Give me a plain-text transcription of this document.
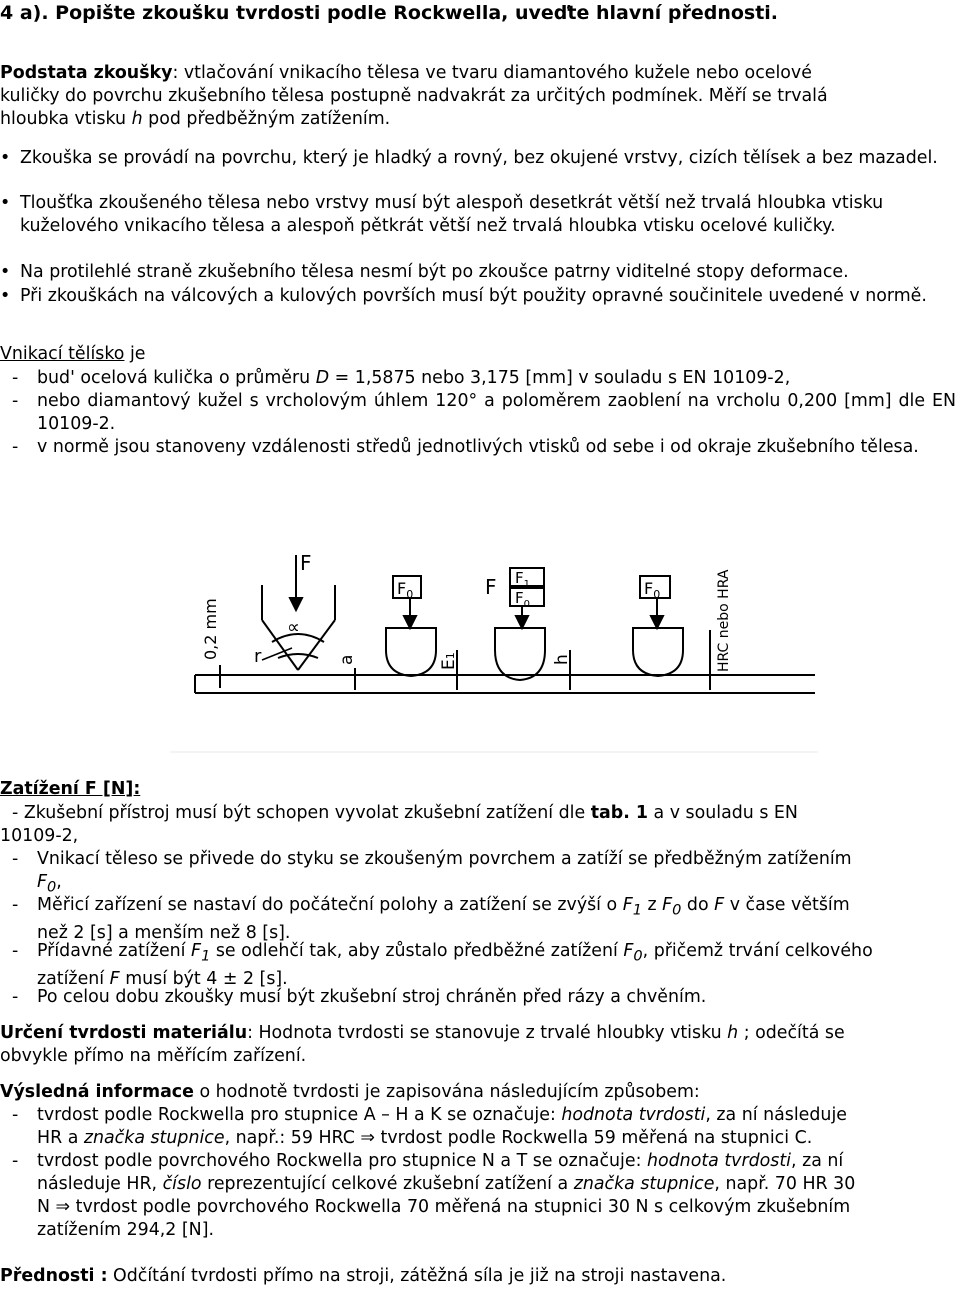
4 a). Popište zkoušku tvrdosti podle Rockwella, uveďte hlavní přednosti.
Podstata zkoušky: vtlačování vnikacího tělesa ve tvaru diamantového kužele nebo ocelové
kuličky do povrchu zkušebního tělesa postupně nadvakrát za určitých podmínek. Měří se trvalá
hloubka vtisku h pod předběžným zatížením.
• Zkouška se provádí na povrchu, který je hladký a rovný, bez okujené vrstvy, cizích tělísek a bez mazadel.
• Tloušťka zkoušeného tělesa nebo vrstvy musí být alespoň desetkrát větší než trvalá hloubka vtisku
kuželového vnikacího tělesa a alespoň pětkrát větší než trvalá hloubka vtisku ocelové kuličky.
• Na protilehlé straně zkušebního tělesa nesmí být po zkoušce patrny viditelné stopy deformace.
• Při zkouškách na válcových a kulových površích musí být použity opravné součinitele uvedené v normě.
Vnikací tělísko je
- bud' ocelová kulička o průměru D = 1,5875 nebo 3,175 [mm] v souladu s EN 10109-2,
- nebo diamantový kužel s vrcholovým úhlem 120° a poloměrem zaoblení na vrcholu 0,200 [mm] dle EN 10109-2.
- v normě jsou stanoveny vzdálenosti středů jednotlivých vtisků od sebe i od okraje zkušebního tělesa.
F
∝
r
0,2 mm	a
$F_0$
E1
F $F_1$
$F_0$
h
$F_0$	HRC nebo HRA
Zatížení F [N]:
- Zkušební přístroj musí být schopen vyvolat zkušební zatížení dle tab. 1 a v souladu s EN
10109-2,
- Vnikací těleso se přivede do styku se zkoušeným povrchem a zatíží se předběžným zatížením
$F_0$,
- Měřicí zařízení se nastaví do počáteční polohy a zatížení se zvýší o $F_1$ z $F_0$ do F v čase větším
než 2 [s] a menším než 8 [s].
- Přídavné zatížení $F_1$ se odlehčí tak, aby zůstalo předběžné zatížení $F_0$, přičemž trvání celkového
zatížení F musí být 4 ± 2 [s].
- Po celou dobu zkoušky musí být zkušební stroj chráněn před rázy a chvěním.
Určení tvrdosti materiálu: Hodnota tvrdosti se stanovuje z trvalé hloubky vtisku h ; odečítá se
obvykle přímo na měřícím zařízení.
Výsledná informace o hodnotě tvrdosti je zapisována následujícím způsobem:
- tvrdost podle Rockwella pro stupnice A – H a K se označuje: hodnota tvrdosti, za ní následuje
HR a značka stupnice, např.: 59 HRC ⇒ tvrdost podle Rockwella 59 měřená na stupnici C.
- tvrdost podle povrchového Rockwella pro stupnice N a T se označuje: hodnota tvrdosti, za ní
následuje HR, číslo reprezentující celkové zkušební zatížení a značka stupnice, např. 70 HR 30
N ⇒ tvrdost podle povrchového Rockwella 70 měřená na stupnici 30 N s celkovým zkušebním
zatížením 294,2 [N].
Přednosti : Odčítání tvrdosti přímo na stroji, zátěžná síla je již na stroji nastavena.
